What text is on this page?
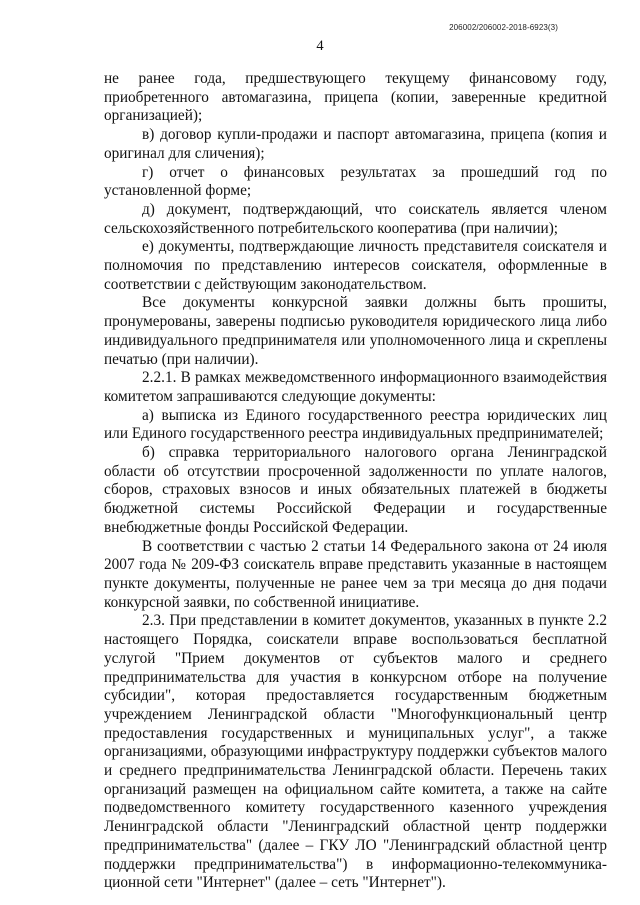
206002/206002-2018-6923(3)
4

не ранее года, предшествующего текущему финансовому году, приобретенного автомагазина, прицепа (копии, заверенные кредитной организацией);

в) договор купли-продажи и паспорт автомагазина, прицепа (копия и оригинал для сличения);

г) отчет о финансовых результатах за прошедший год по установленной форме;

д) документ, подтверждающий, что соискатель является членом сельскохозяйственного потребительского кооператива (при наличии);

е) документы, подтверждающие личность представителя соискателя и полномочия по представлению интересов соискателя, оформленные в соответствии с действующим законодательством.

Все документы конкурсной заявки должны быть прошиты, пронумерованы, заверены подписью руководителя юридического лица либо индивидуального предпринимателя или уполномоченного лица и скреплены печатью (при наличии).

2.2.1. В рамках межведомственного информационного взаимодействия комитетом запрашиваются следующие документы:

а) выписка из Единого государственного реестра юридических лиц или Единого государственного реестра индивидуальных предпринимателей;

б) справка территориального налогового органа Ленинградской области об отсутствии просроченной задолженности по уплате налогов, сборов, страховых взносов и иных обязательных платежей в бюджеты бюджетной системы Российской Федерации и государственные внебюджетные фонды Российской Федерации.

В соответствии с частью 2 статьи 14 Федерального закона от 24 июля 2007 года № 209-ФЗ соискатель вправе представить указанные в настоящем пункте документы, полученные не ранее чем за три месяца до дня подачи конкурсной заявки, по собственной инициативе.

2.3. При представлении в комитет документов, указанных в пункте 2.2 настоящего Порядка, соискатели вправе воспользоваться бесплатной услугой "Прием документов от субъектов малого и среднего предпринимательства для участия в конкурсном отборе на получение субсидии", которая предоставляется государственным бюджетным учреждением Ленинградской области "Многофункциональный центр предоставления государственных и муниципальных услуг", а также организациями, образующими инфраструктуру поддержки субъектов малого и среднего предпринимательства Ленинградской области. Перечень таких организаций размещен на официальном сайте комитета, а также на сайте подведомственного комитету государственного казенного учреждения Ленинградской области "Ленинградский областной центр поддержки предпринимательства" (далее – ГКУ ЛО "Ленинградский областной центр поддержки предпринимательства") в информационно-телекоммуника-ционной сети "Интернет" (далее – сеть "Интернет").
